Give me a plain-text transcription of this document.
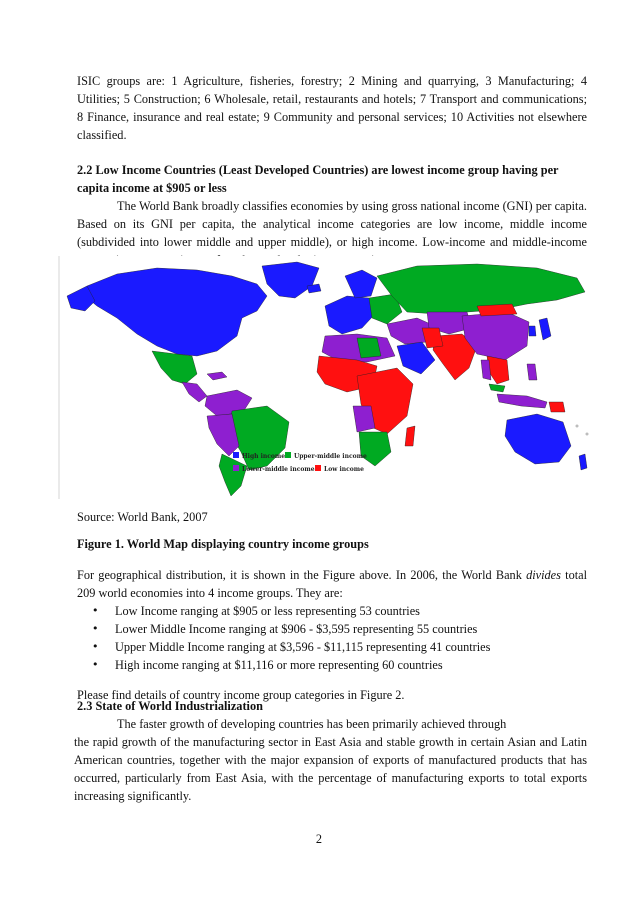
ISIC groups are: 1 Agriculture, fisheries, forestry; 2 Mining and quarrying, 3 Manufacturing; 4 Utilities; 5 Construction; 6 Wholesale, retail, restaurants and hotels; 7 Transport and communications; 8 Finance, insurance and real estate; 9 Community and personal services; 10 Activities not elsewhere classified.

2.2 Low Income Countries (Least Developed Countries) are lowest income group having per capita income at $905 or less

The World Bank broadly classifies economies by using gross national income (GNI) per capita. Based on its GNI per capita, the analytical income categories are low income, middle income (subdivided into lower middle and upper middle), or high income. Low-income and middle-income

High income Upper-middle income
Lower-middle income Low income

Source: World Bank, 2007

Figure 1. World Map displaying country income groups

For geographical distribution, it is shown in the Figure above. In 2006, the World Bank divides total 209 world economies into 4 income groups. They are:

• Low Income ranging at $905 or less representing 53 countries
• Lower Middle Income ranging at $906 - $3,595 representing 55 countries
• Upper Middle Income ranging at $3,596 - $11,115 representing 41 countries
• High income ranging at $11,116 or more representing 60 countries

Please find details of country income group categories in Figure 2.

2.3 State of World Industrialization

The faster growth of developing countries has been primarily achieved through

the rapid growth of the manufacturing sector in East Asia and stable growth in certain Asian and Latin American countries, together with the major expansion of exports of manufactured products that has occurred, particularly from East Asia, with the percentage of manufacturing exports to total exports increasing significantly.

2
